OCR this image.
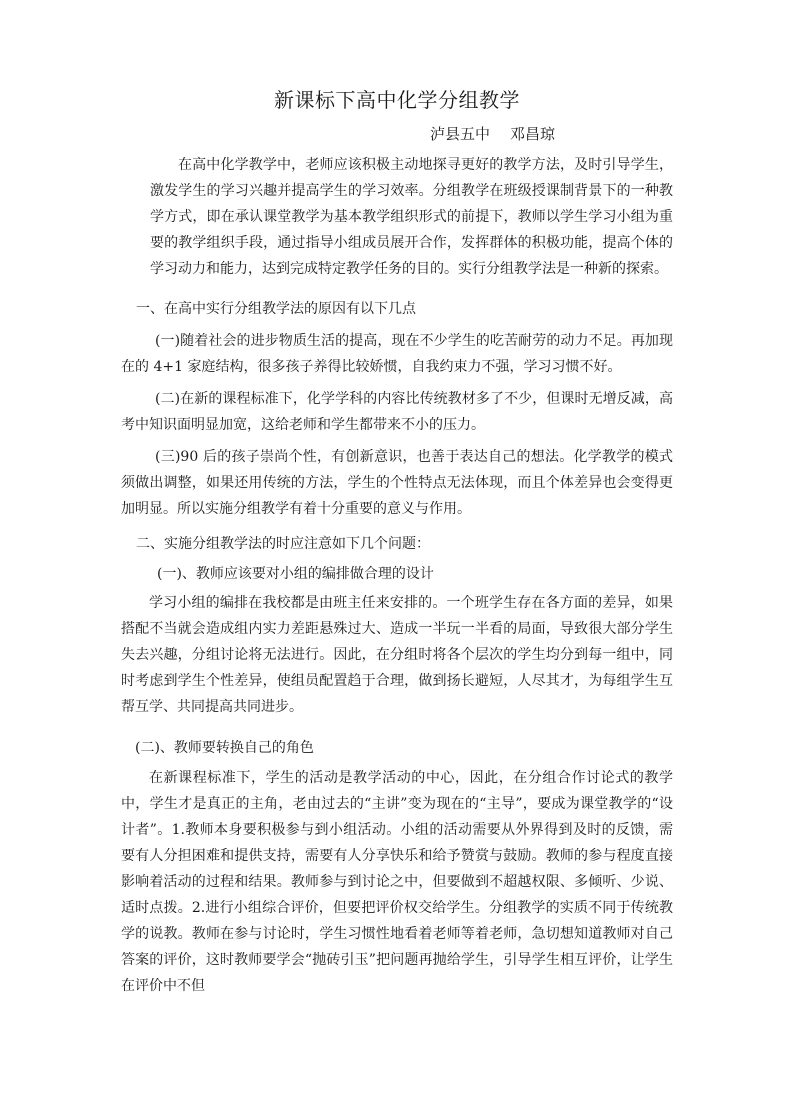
新课标下高中化学分组教学
泸县五中 邓昌琼

在高中化学教学中，老师应该积极主动地探寻更好的教学方法，及时引导学生，激发学生的学习兴趣并提高学生的学习效率。分组教学在班级授课制背景下的一种教学方式，即在承认课堂教学为基本教学组织形式的前提下，教师以学生学习小组为重要的教学组织手段，通过指导小组成员展开合作，发挥群体的积极功能，提高个体的学习动力和能力，达到完成特定教学任务的目的。实行分组教学法是一种新的探索。

一、在高中实行分组教学法的原因有以下几点

(一)随着社会的进步物质生活的提高，现在不少学生的吃苦耐劳的动力不足。再加现在的 4+1 家庭结构，很多孩子养得比较娇惯，自我约束力不强，学习习惯不好。

(二)在新的课程标准下，化学学科的内容比传统教材多了不少，但课时无增反减，高考中知识面明显加宽，这给老师和学生都带来不小的压力。

(三)90 后的孩子崇尚个性，有创新意识，也善于表达自己的想法。化学教学的模式须做出调整，如果还用传统的方法，学生的个性特点无法体现，而且个体差异也会变得更加明显。所以实施分组教学有着十分重要的意义与作用。

二、实施分组教学法的时应注意如下几个问题：

(一)、教师应该要对小组的编排做合理的设计

学习小组的编排在我校都是由班主任来安排的。一个班学生存在各方面的差异，如果搭配不当就会造成组内实力差距悬殊过大、造成一半玩一半看的局面，导致很大部分学生失去兴趣，分组讨论将无法进行。因此，在分组时将各个层次的学生均分到每一组中，同时考虑到学生个性差异，使组员配置趋于合理，做到扬长避短，人尽其才，为每组学生互帮互学、共同提高共同进步。

(二)、教师要转换自己的角色

在新课程标准下，学生的活动是教学活动的中心，因此，在分组合作讨论式的教学中，学生才是真正的主角，老由过去的“主讲”变为现在的“主导”，要成为课堂教学的“设计者”。1.教师本身要积极参与到小组活动。小组的活动需要从外界得到及时的反馈，需要有人分担困难和提供支持，需要有人分享快乐和给予赞赏与鼓励。教师的参与程度直接影响着活动的过程和结果。教师参与到讨论之中，但要做到不超越权限、多倾听、少说、适时点拨。2.进行小组综合评价，但要把评价权交给学生。分组教学的实质不同于传统教学的说教。教师在参与讨论时，学生习惯性地看着老师等着老师，急切想知道教师对自己答案的评价，这时教师要学会“抛砖引玉”把问题再抛给学生，引导学生相互评价，让学生在评价中不但
